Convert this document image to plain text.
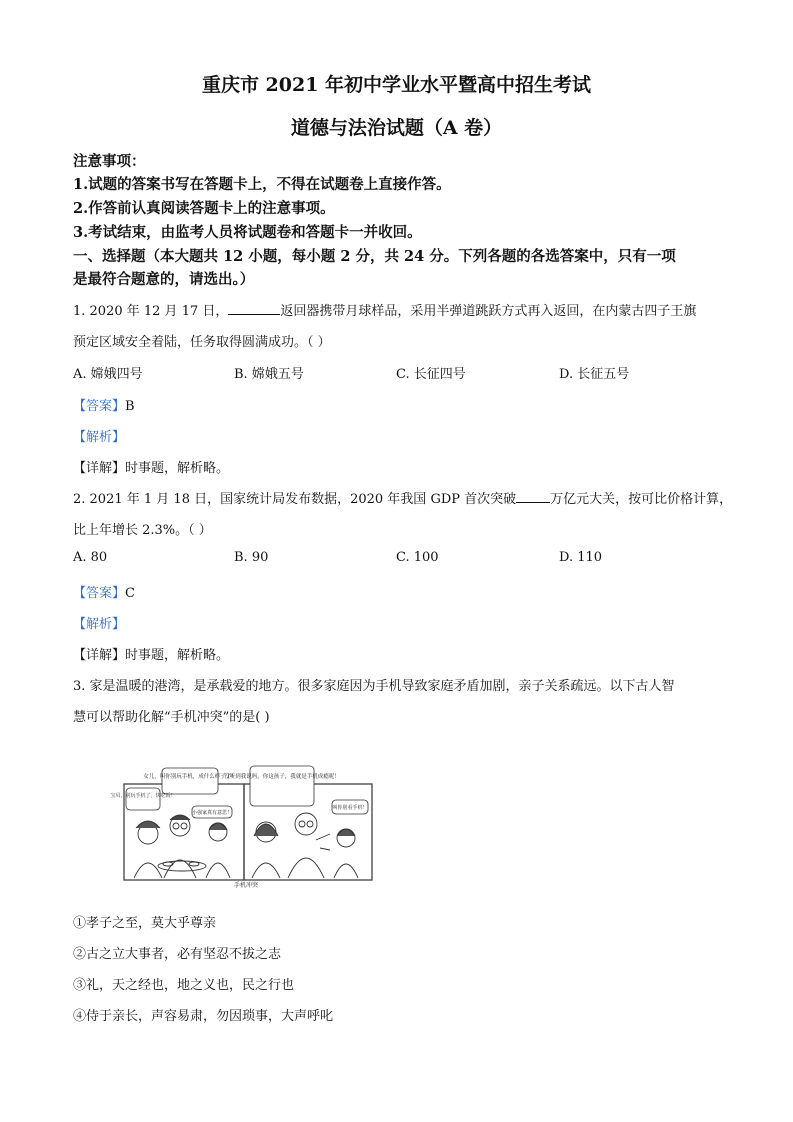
重庆市 2021 年初中学业水平暨高中招生考试
道德与法治试题（A 卷）
注意事项：
1.试题的答案书写在答题卡上，不得在试题卷上直接作答。
2.作答前认真阅读答题卡上的注意事项。
3.考试结束，由监考人员将试题卷和答题卡一并收回。
一、选择题（本大题共 12 小题，每小题 2 分，共 24 分。下列各题的各选答案中，只有一项
是最符合题意的，请选出。）
1. 2020 年 12 月 17 日，	返回器携带月球样品，采用半弹道跳跃方式再入返回，在内蒙古四子王旗
预定区域安全着陆，任务取得圆满成功。（ ）
A. 嫦娥四号	B. 嫦娥五号	C. 长征四号	D. 长征五号
【答案】B
【解析】
【详解】时事题，解析略。
2. 2021 年 1 月 18 日，国家统计局发布数据，2020 年我国 GDP 首次突破	万亿元大关，按可比价格计算，
比上年增长 2.3%。（ ）
A. 80	B. 90	C. 100	D. 110
【答案】C
【解析】
【详解】时事题，解析略。
3. 家是温暖的港湾，是承载爱的地方。很多家庭因为手机导致家庭矛盾加剧，亲子关系疏远。以下古人智
慧可以帮助化解“手机冲突”的是( )
女儿，叫你别玩手机，成什么样子了！
宝贝，别玩手机了，快吃饭！
小强家真有意思！
没听到我说吗，你这孩子，我就是手机成瘾呢！
叫你别看手机！
手机冲突
①孝子之至，莫大乎尊亲
②古之立大事者，必有坚忍不拔之志
③礼，天之经也，地之义也，民之行也
④侍于亲长，声容易肃，勿因琐事，大声呼叱
